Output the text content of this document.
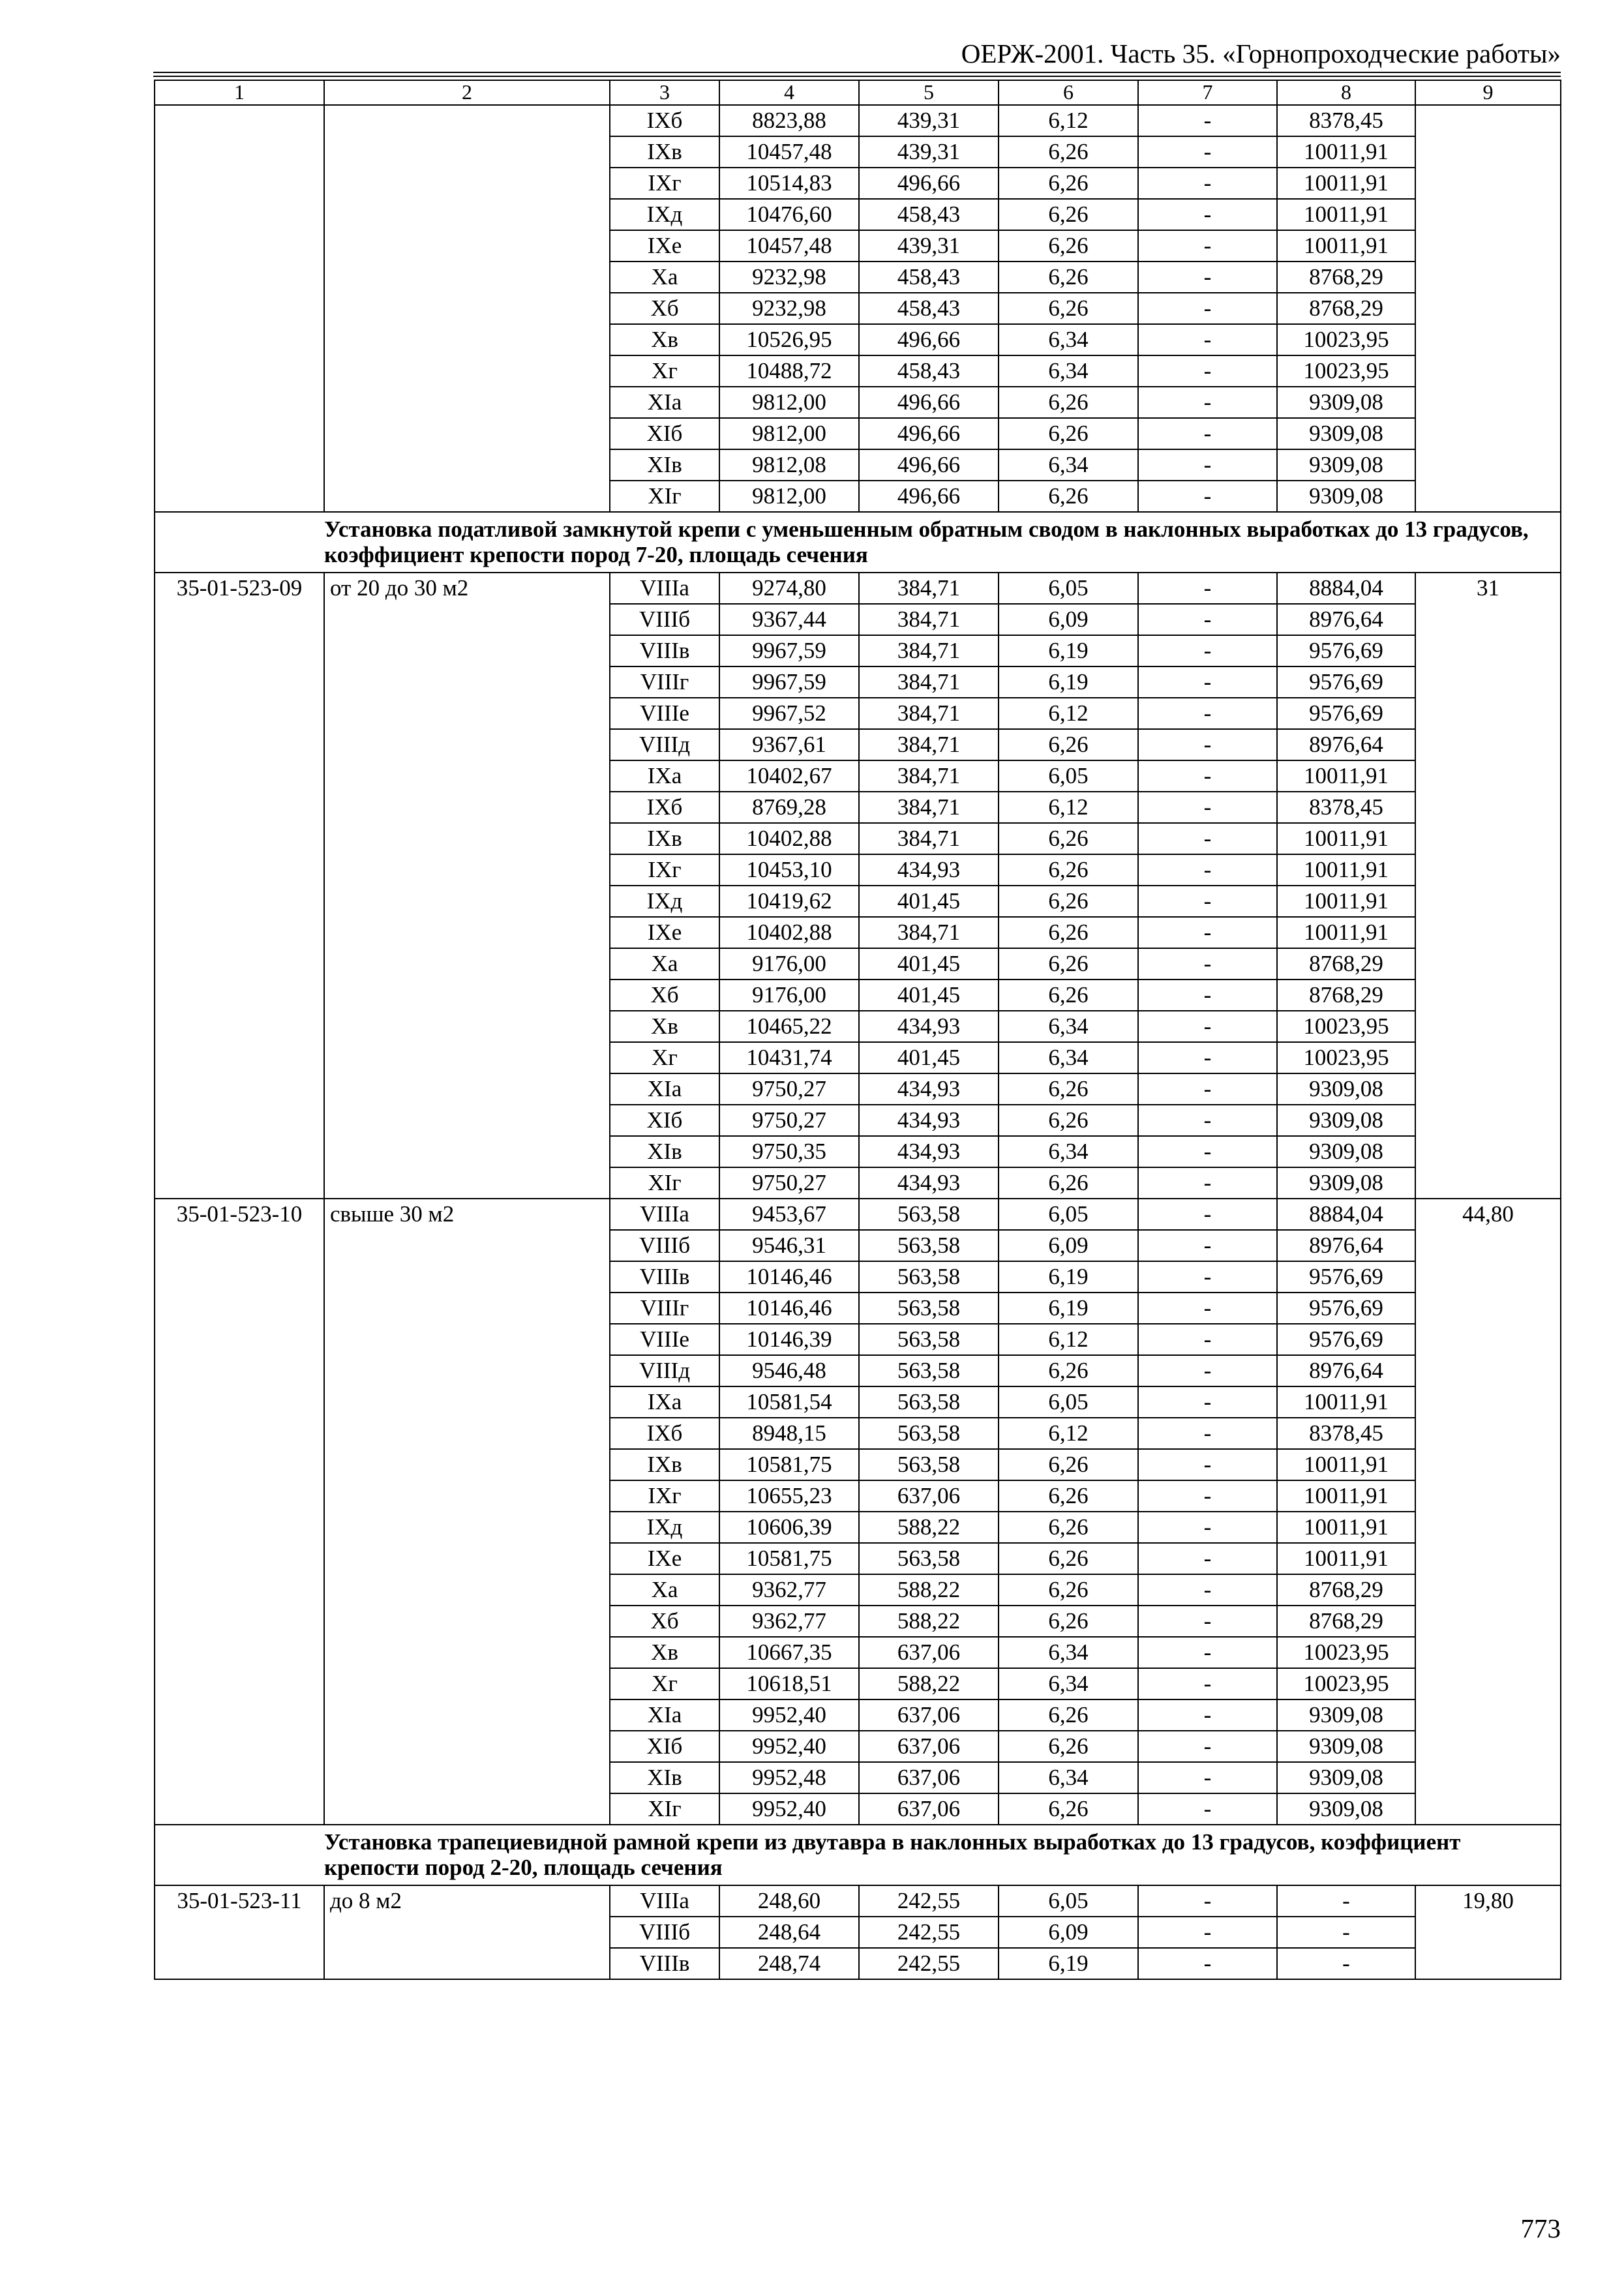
ОЕРЖ-2001. Часть 35. «Горнопроходческие работы»
1	2	3	4	5	6	7	8	9
		IXб	8823,88	439,31	6,12	-	8378,45	
		IXв	10457,48	439,31	6,26	-	10011,91	
		IXг	10514,83	496,66	6,26	-	10011,91	
		IXд	10476,60	458,43	6,26	-	10011,91	
		IXe	10457,48	439,31	6,26	-	10011,91	
		Xa	9232,98	458,43	6,26	-	8768,29	
		Xб	9232,98	458,43	6,26	-	8768,29	
		Xв	10526,95	496,66	6,34	-	10023,95	
		Xг	10488,72	458,43	6,34	-	10023,95	
		XIa	9812,00	496,66	6,26	-	9309,08	
		XIб	9812,00	496,66	6,26	-	9309,08	
		XIв	9812,08	496,66	6,34	-	9309,08	
		XIг	9812,00	496,66	6,26	-	9309,08	
	Установка податливой замкнутой крепи с уменьшенным обратным сводом в наклонных выработках до 13 градусов, коэффициент крепости пород 7-20, площадь сечения							
35-01-523-09	от 20 до 30 м2	VIIIa	9274,80	384,71	6,05	-	8884,04	31
		VIIIб	9367,44	384,71	6,09	-	8976,64	
		VIIIв	9967,59	384,71	6,19	-	9576,69	
		VIIIг	9967,59	384,71	6,19	-	9576,69	
		VIIIe	9967,52	384,71	6,12	-	9576,69	
		VIIIд	9367,61	384,71	6,26	-	8976,64	
		IXa	10402,67	384,71	6,05	-	10011,91	
		IXб	8769,28	384,71	6,12	-	8378,45	
		IXв	10402,88	384,71	6,26	-	10011,91	
		IXг	10453,10	434,93	6,26	-	10011,91	
		IXд	10419,62	401,45	6,26	-	10011,91	
		IXe	10402,88	384,71	6,26	-	10011,91	
		Xa	9176,00	401,45	6,26	-	8768,29	
		Xб	9176,00	401,45	6,26	-	8768,29	
		Xв	10465,22	434,93	6,34	-	10023,95	
		Xг	10431,74	401,45	6,34	-	10023,95	
		XIa	9750,27	434,93	6,26	-	9309,08	
		XIб	9750,27	434,93	6,26	-	9309,08	
		XIв	9750,35	434,93	6,34	-	9309,08	
		XIг	9750,27	434,93	6,26	-	9309,08	
35-01-523-10	свыше 30 м2	VIIIa	9453,67	563,58	6,05	-	8884,04	44,80
		VIIIб	9546,31	563,58	6,09	-	8976,64	
		VIIIв	10146,46	563,58	6,19	-	9576,69	
		VIIIг	10146,46	563,58	6,19	-	9576,69	
		VIIIe	10146,39	563,58	6,12	-	9576,69	
		VIIIд	9546,48	563,58	6,26	-	8976,64	
		IXa	10581,54	563,58	6,05	-	10011,91	
		IXб	8948,15	563,58	6,12	-	8378,45	
		IXв	10581,75	563,58	6,26	-	10011,91	
		IXг	10655,23	637,06	6,26	-	10011,91	
		IXд	10606,39	588,22	6,26	-	10011,91	
		IXe	10581,75	563,58	6,26	-	10011,91	
		Xa	9362,77	588,22	6,26	-	8768,29	
		Xб	9362,77	588,22	6,26	-	8768,29	
		Xв	10667,35	637,06	6,34	-	10023,95	
		Xг	10618,51	588,22	6,34	-	10023,95	
		XIa	9952,40	637,06	6,26	-	9309,08	
		XIб	9952,40	637,06	6,26	-	9309,08	
		XIв	9952,48	637,06	6,34	-	9309,08	
		XIг	9952,40	637,06	6,26	-	9309,08	
	Установка трапециевидной рамной крепи из двутавра в наклонных выработках до 13 градусов, коэффициент крепости пород 2-20, площадь сечения							
35-01-523-11	до 8 м2	VIIIa	248,60	242,55	6,05	-	-	19,80
		VIIIб	248,64	242,55	6,09	-	-	
		VIIIв	248,74	242,55	6,19	-	-	
773
